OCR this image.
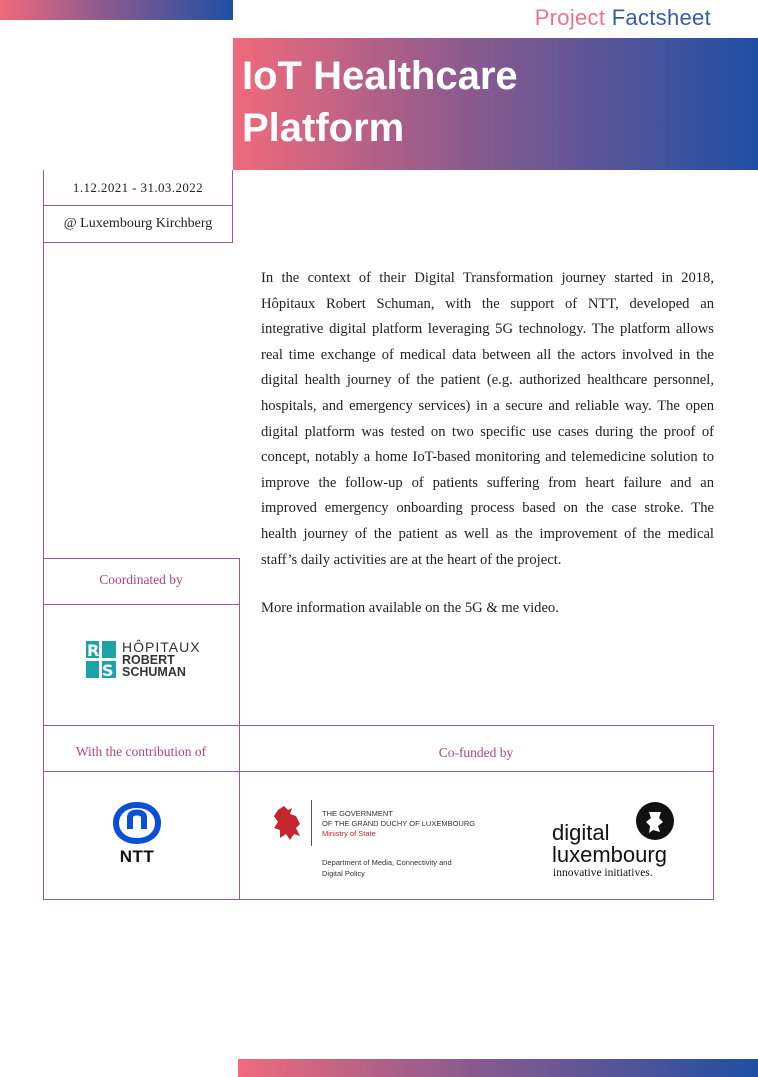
Project Factsheet
IoT Healthcare
Platform
1.12.2021 - 31.03.2022
@ Luxembourg Kirchberg

In the context of their Digital Transformation journey started in 2018, Hôpitaux Robert Schuman, with the support of NTT, developed an integrative digital platform leveraging 5G technology. The platform allows real time exchange of medical data between all the actors involved in the digital health journey of the patient (e.g. authorized healthcare personnel, hospitals, and emergency services) in a secure and reliable way. The open digital platform was tested on two specific use cases during the proof of concept, notably a home IoT-based monitoring and telemedicine solution to improve the follow-up of patients suffering from heart failure and an improved emergency onboarding process based on the case stroke. The health journey of the patient as well as the improvement of the medical staff’s daily activities are at the heart of the project.

More information available on the 5G & me video.

Coordinated by
With the contribution of	Co-funded by
R
S
HÔPITAUX
ROBERT
SCHUMAN
NTT
THE GOVERNMENT
OF THE GRAND DUCHY OF LUXEMBOURG
Ministry of State
Department of Media, Connectivity and Digital Policy
digital
luxembourg
innovative initiatives.
